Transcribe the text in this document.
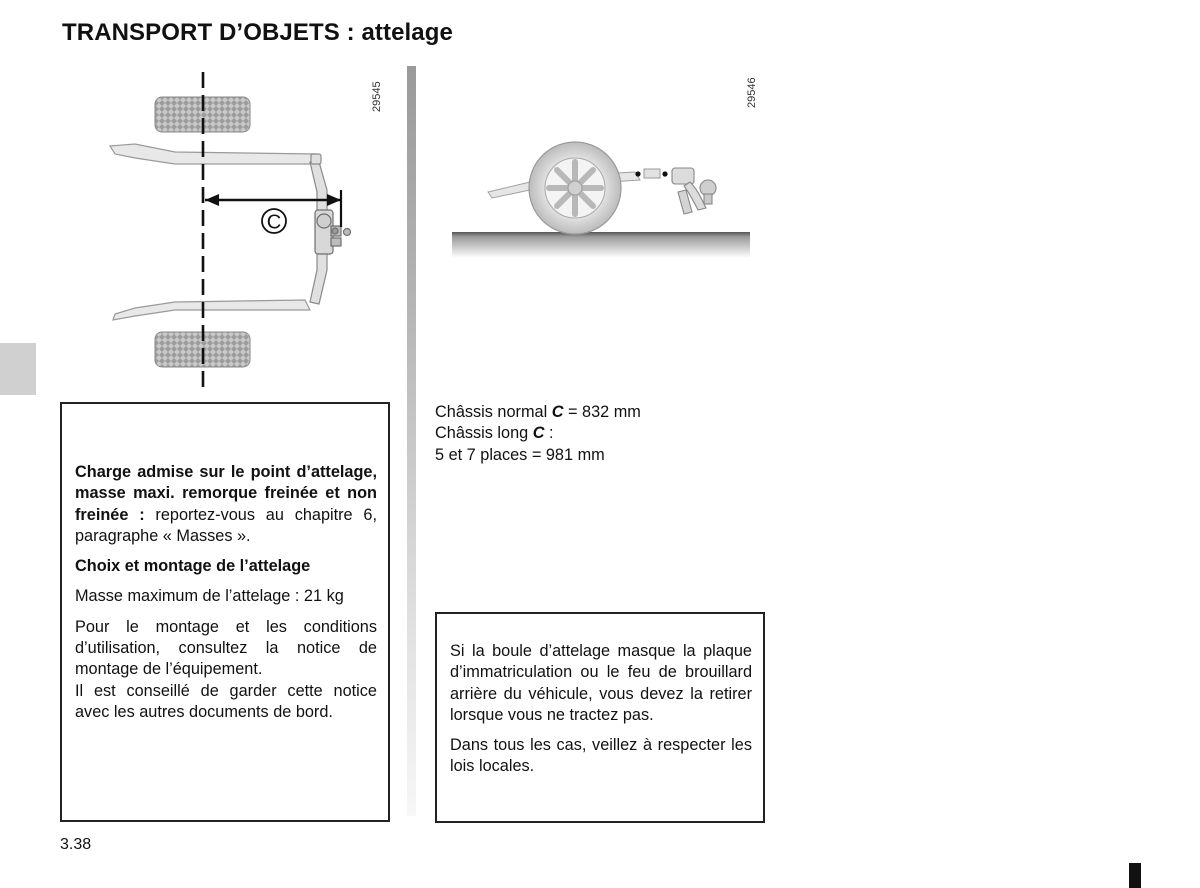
TRANSPORT D’OBJETS : attelage
C
29545	29546

Charge admise sur le point d’attelage, masse maxi. remorque freinée et non freinée : reportez-vous au chapitre 6, paragraphe « Masses ».

Choix et montage de l’attelage

Masse maximum de l’attelage : 21 kg

Pour le montage et les conditions d’utilisation, consultez la notice de montage de l’équipement.
Il est conseillé de garder cette notice avec les autres documents de bord.

Châssis normal C = 832 mm
Châssis long C :
5 et 7 places = 981 mm

Si la boule d’attelage masque la plaque d’immatriculation ou le feu de brouillard arrière du véhicule, vous devez la retirer lorsque vous ne tractez pas.

Dans tous les cas, veillez à respecter les lois locales.

3.38
